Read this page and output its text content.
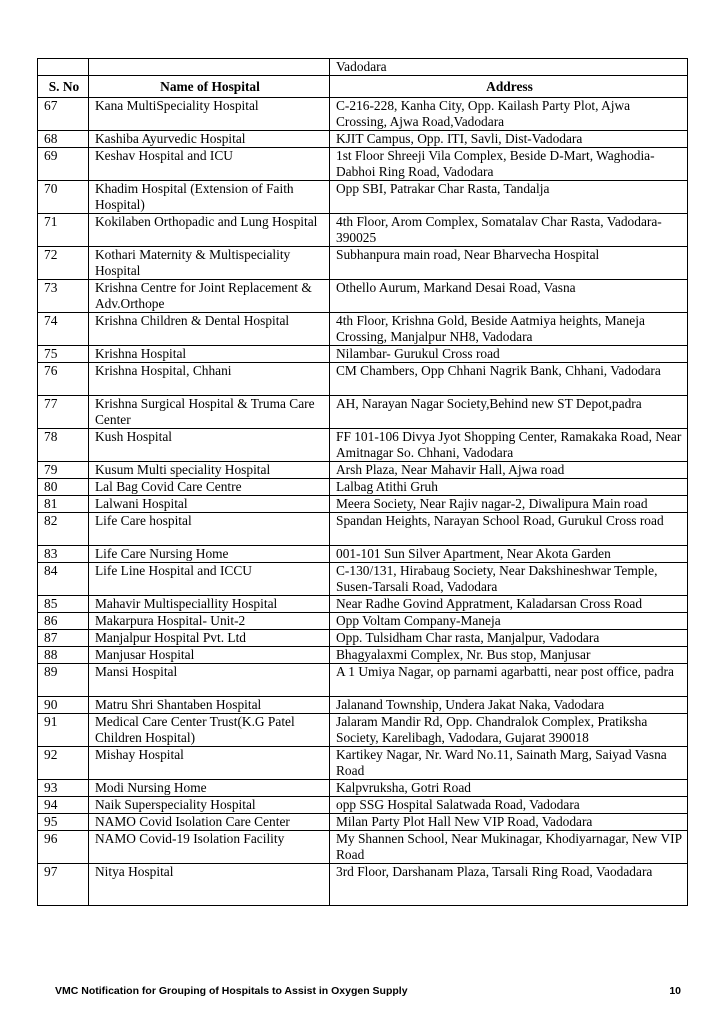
		Vadodara
S. No	Name of Hospital	Address
67	Kana MultiSpeciality Hospital	C-216-228, Kanha City, Opp. Kailash Party Plot, Ajwa Crossing, Ajwa Road,Vadodara
68	Kashiba Ayurvedic Hospital	KJIT Campus, Opp. ITI, Savli, Dist-Vadodara
69	Keshav Hospital and ICU	1st Floor Shreeji Vila Complex, Beside D-Mart, Waghodia-Dabhoi Ring Road, Vadodara
70	Khadim Hospital (Extension of Faith Hospital)	Opp SBI, Patrakar Char Rasta, Tandalja
71	Kokilaben Orthopadic and Lung Hospital	4th Floor, Arom Complex, Somatalav Char Rasta, Vadodara-390025
72	Kothari Maternity & Multispeciality Hospital	Subhanpura main road, Near Bharvecha Hospital
73	Krishna Centre for Joint Replacement & Adv.Orthope	Othello Aurum, Markand Desai Road, Vasna
74	Krishna Children & Dental Hospital	4th Floor, Krishna Gold, Beside Aatmiya heights, Maneja Crossing, Manjalpur NH8, Vadodara
75	Krishna Hospital	Nilambar- Gurukul Cross road
76	Krishna Hospital, Chhani	CM Chambers, Opp Chhani Nagrik Bank, Chhani, Vadodara
77	Krishna Surgical Hospital & Truma Care Center	AH, Narayan Nagar Society,Behind new ST Depot,padra
78	Kush Hospital	FF 101-106 Divya Jyot Shopping Center, Ramakaka Road, Near Amitnagar So. Chhani, Vadodara
79	Kusum Multi speciality Hospital	Arsh Plaza, Near Mahavir Hall, Ajwa road
80	Lal Bag Covid Care Centre	Lalbag Atithi Gruh
81	Lalwani Hospital	Meera Society, Near Rajiv nagar-2, Diwalipura Main road
82	Life Care hospital	Spandan Heights, Narayan School Road, Gurukul Cross road
83	Life Care Nursing Home	001-101 Sun Silver Apartment, Near Akota Garden
84	Life Line Hospital and ICCU	C-130/131, Hirabaug Society, Near Dakshineshwar Temple, Susen-Tarsali Road, Vadodara
85	Mahavir Multispeciallity Hospital	Near Radhe Govind Appratment, Kaladarsan Cross Road
86	Makarpura Hospital- Unit-2	Opp Voltam Company-Maneja
87	Manjalpur Hospital Pvt. Ltd	Opp. Tulsidham Char rasta, Manjalpur, Vadodara
88	Manjusar Hospital	Bhagyalaxmi Complex, Nr. Bus stop, Manjusar
89	Mansi Hospital	A 1 Umiya Nagar, op parnami agarbatti, near post office, padra
90	Matru Shri Shantaben Hospital	Jalanand Township, Undera Jakat Naka, Vadodara
91	Medical Care Center Trust(K.G Patel Children Hospital)	Jalaram Mandir Rd, Opp. Chandralok Complex, Pratiksha Society, Karelibagh, Vadodara, Gujarat 390018
92	Mishay Hospital	Kartikey Nagar, Nr. Ward No.11, Sainath Marg, Saiyad Vasna Road
93	Modi Nursing Home	Kalpvruksha, Gotri Road
94	Naik Superspeciality Hospital	opp SSG Hospital Salatwada Road, Vadodara
95	NAMO Covid Isolation Care Center	Milan Party Plot Hall New VIP Road, Vadodara
96	NAMO Covid-19 Isolation Facility	My Shannen School, Near Mukinagar, Khodiyarnagar, New VIP Road
97	Nitya Hospital	3rd Floor, Darshanam Plaza, Tarsali Ring Road, Vaodadara
VMC Notification for Grouping of Hospitals to Assist in Oxygen Supply	10
